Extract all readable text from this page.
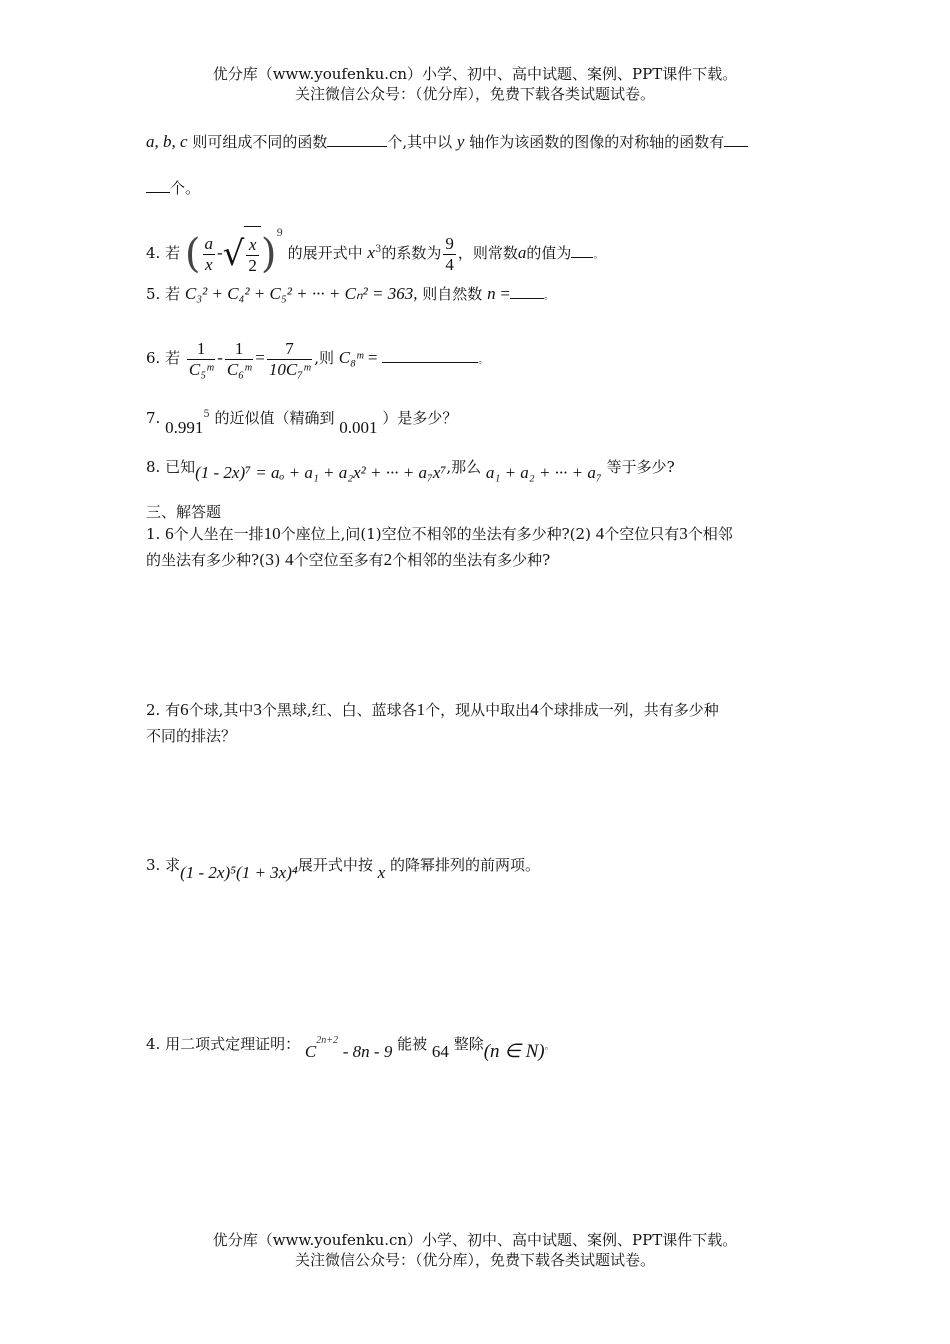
优分库（www.youfenku.cn）小学、初中、高中试题、案例、PPT课件下载。
关注微信公众号：（优分库），免费下载各类试题试卷。
a, b, c 则可组成不同的函数	个,其中以 y 轴作为该函数的图像的对称轴的函数有
个。
4. 若 ( $\frac{a}{x}$ -√ $\frac{x}{2} )^9$ 的展开式中 $x^3$的系数为 $\frac{9}{4}$ ，则常数a的值为 。
5. 若 C₃² + C₄² + C₅² + ··· + Cₙ² = 363, 则自然数 n =	。
6. 若 $\frac{1}{\text{C₅ᵐ}} - \frac{1}{\text{C₆ᵐ}} = \frac{7}{\text{10C₇ᵐ}}$ ,则 C₈ᵐ =	。
7. 0.991$^5$ 的近似值（精确到 0.001 ）是多少？
8. 已知(1 - 2x)⁷ = aₒ + a₁ + a₂x² + ··· + a₇x⁷,那么 a₁ + a₂ + ··· + a₇ 等于多少?
三、解答题
1. 6个人坐在一排10个座位上,问(1)空位不相邻的坐法有多少种?(2) 4个空位只有3个相邻
的坐法有多少种?(3) 4个空位至多有2个相邻的坐法有多少种?
2. 有6个球,其中3个黑球,红、白、蓝球各1个，现从中取出4个球排成一列，共有多少种
不同的排法？
3. 求(1 - 2x)⁵(1 + 3x)⁴展开式中按 x 的降幂排列的前两项。
4. 用二项式定理证明： $C^{2n+2} - 8n - 9$ 能被 64 整除(n ∈ N)。
优分库（www.youfenku.cn）小学、初中、高中试题、案例、PPT课件下载。
关注微信公众号：（优分库），免费下载各类试题试卷。
